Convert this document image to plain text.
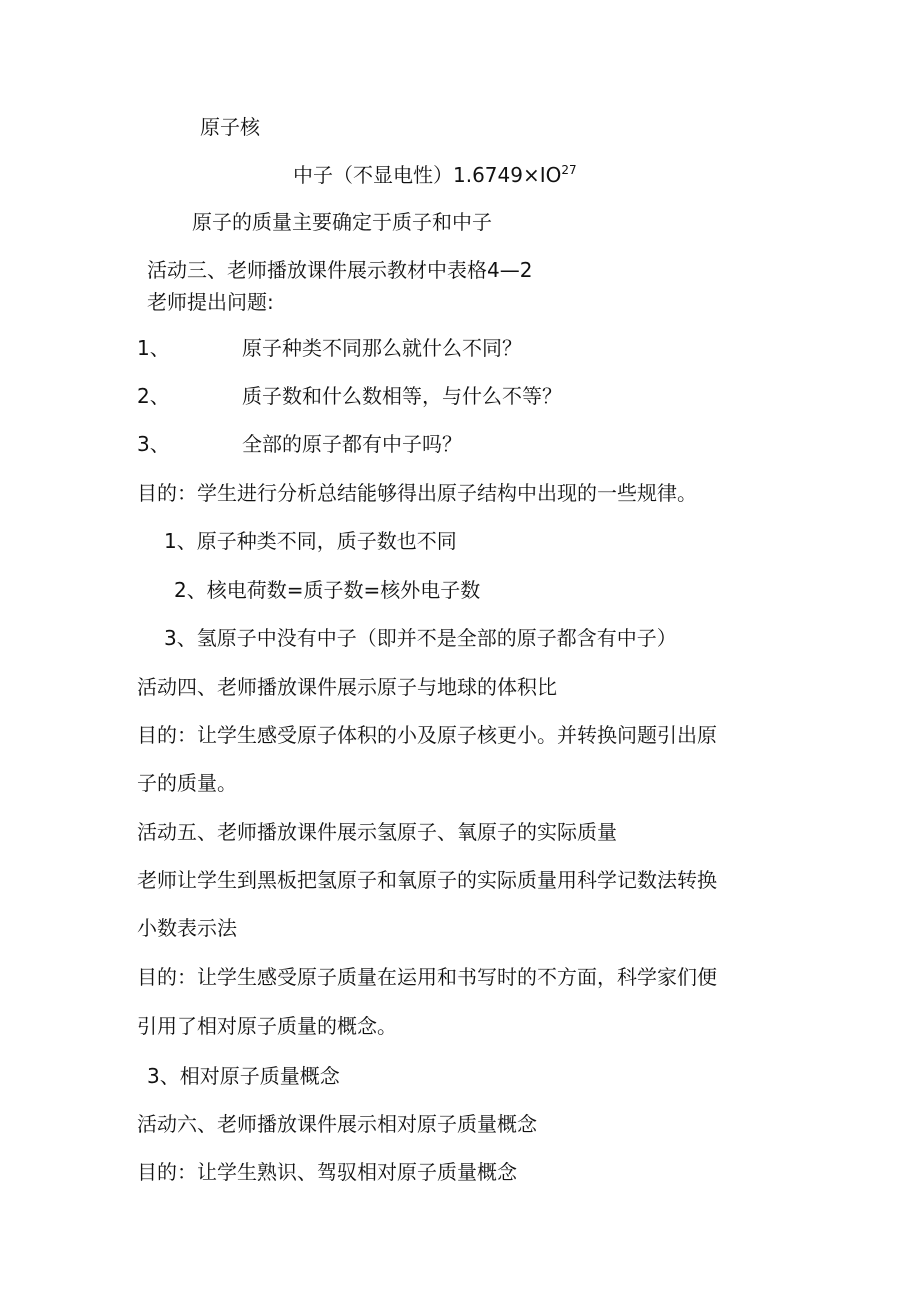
原子核
中子（不显电性）$1.6749\times IO^{27}$
原子的质量主要确定于质子和中子
活动三、老师播放课件展示教材中表格4—2
老师提出问题:
1、	原子种类不同那么就什么不同？
2、	质子数和什么数相等，与什么不等？
3、	全部的原子都有中子吗？
目的：学生进行分析总结能够得出原子结构中出现的一些规律。
1、原子种类不同，质子数也不同
2、核电荷数=质子数=核外电子数
3、氢原子中没有中子（即并不是全部的原子都含有中子）
活动四、老师播放课件展示原子与地球的体积比
目的：让学生感受原子体积的小及原子核更小。并转换问题引出原
子的质量。
活动五、老师播放课件展示氢原子、氧原子的实际质量
老师让学生到黑板把氢原子和氧原子的实际质量用科学记数法转换
小数表示法
目的：让学生感受原子质量在运用和书写时的不方面，科学家们便
引用了相对原子质量的概念。
3、相对原子质量概念
活动六、老师播放课件展示相对原子质量概念
目的：让学生熟识、驾驭相对原子质量概念
